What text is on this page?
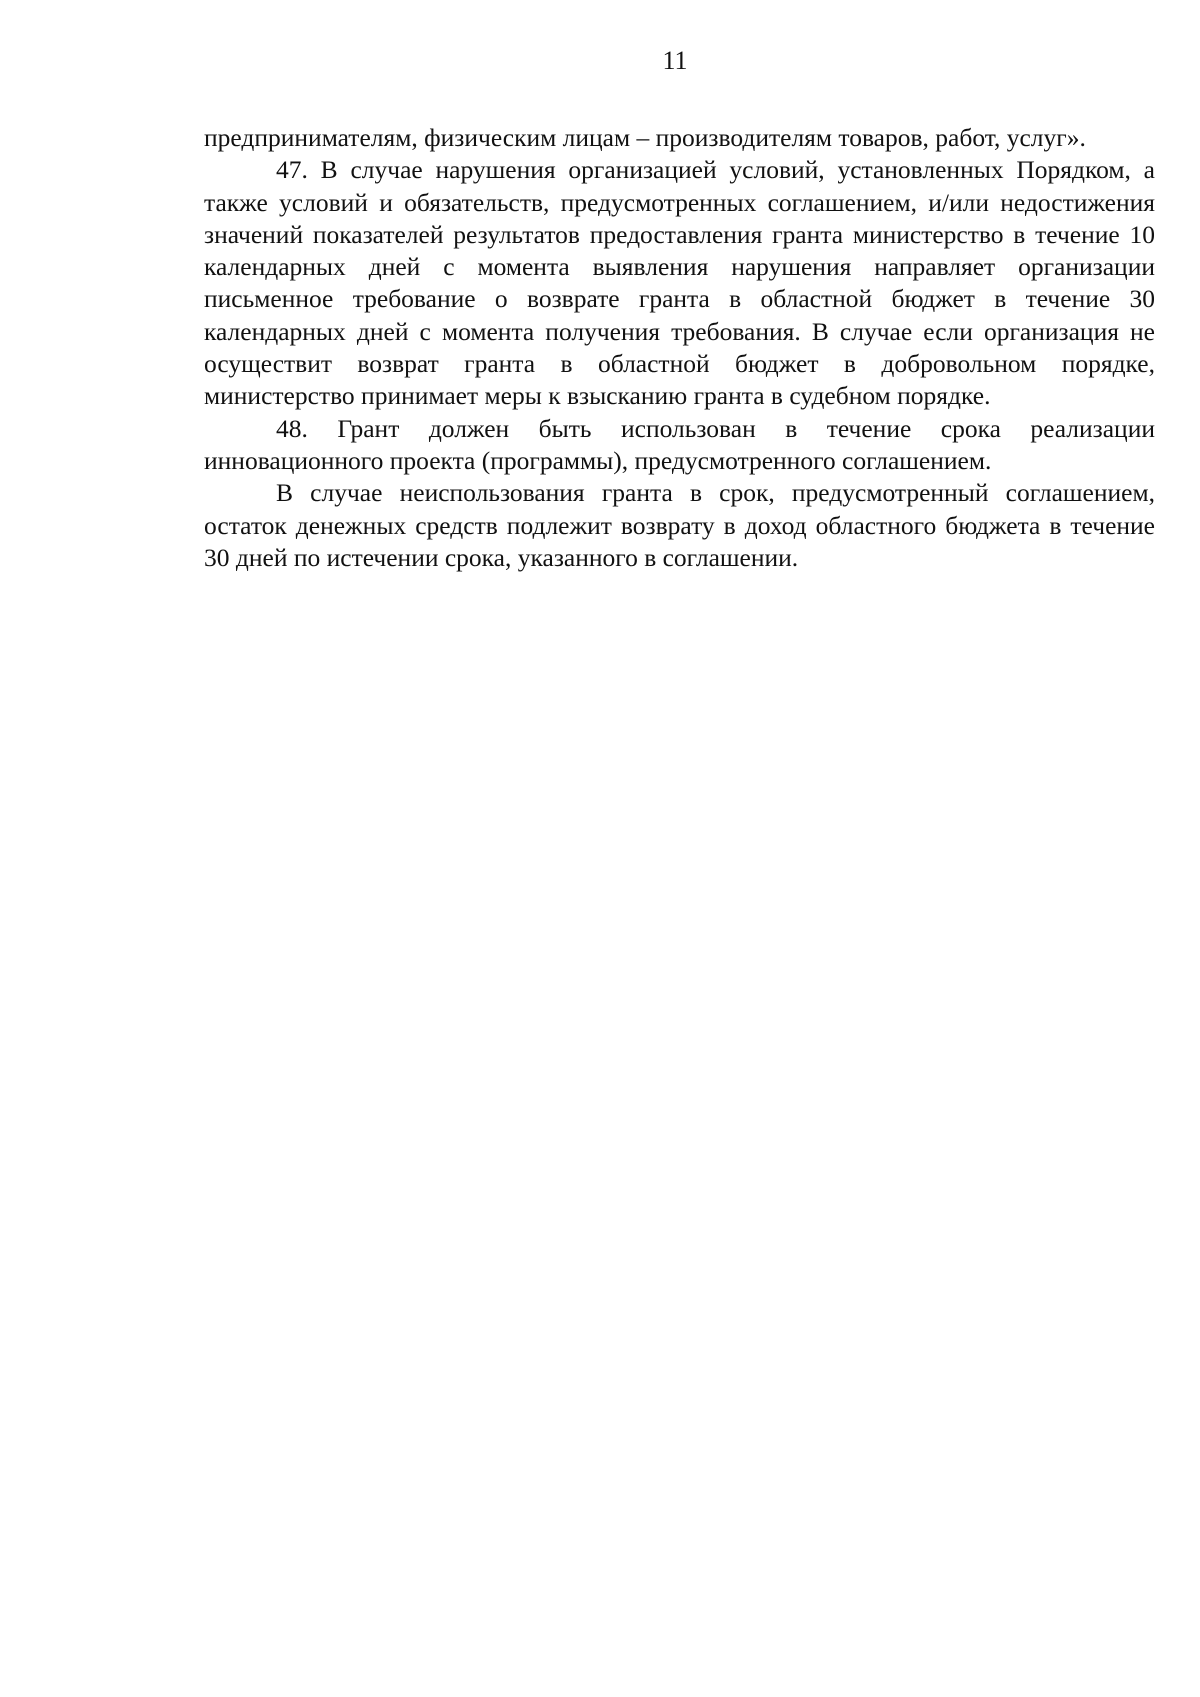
11

предпринимателям, физическим лицам – производителям товаров, работ, услуг».

47. В случае нарушения организацией условий, установленных Порядком, а также условий и обязательств, предусмотренных соглашением, и/или недостижения значений показателей результатов предоставления гранта министерство в течение 10 календарных дней с момента выявления нарушения направляет организации письменное требование о возврате гранта в областной бюджет в течение 30 календарных дней с момента получения требования. В случае если организация не осуществит возврат гранта в областной бюджет в добровольном порядке, министерство принимает меры к взысканию гранта в судебном порядке.

48. Грант должен быть использован в течение срока реализации инновационного проекта (программы), предусмотренного соглашением.

В случае неиспользования гранта в срок, предусмотренный соглашением, остаток денежных средств подлежит возврату в доход областного бюджета в течение 30 дней по истечении срока, указанного в соглашении.
